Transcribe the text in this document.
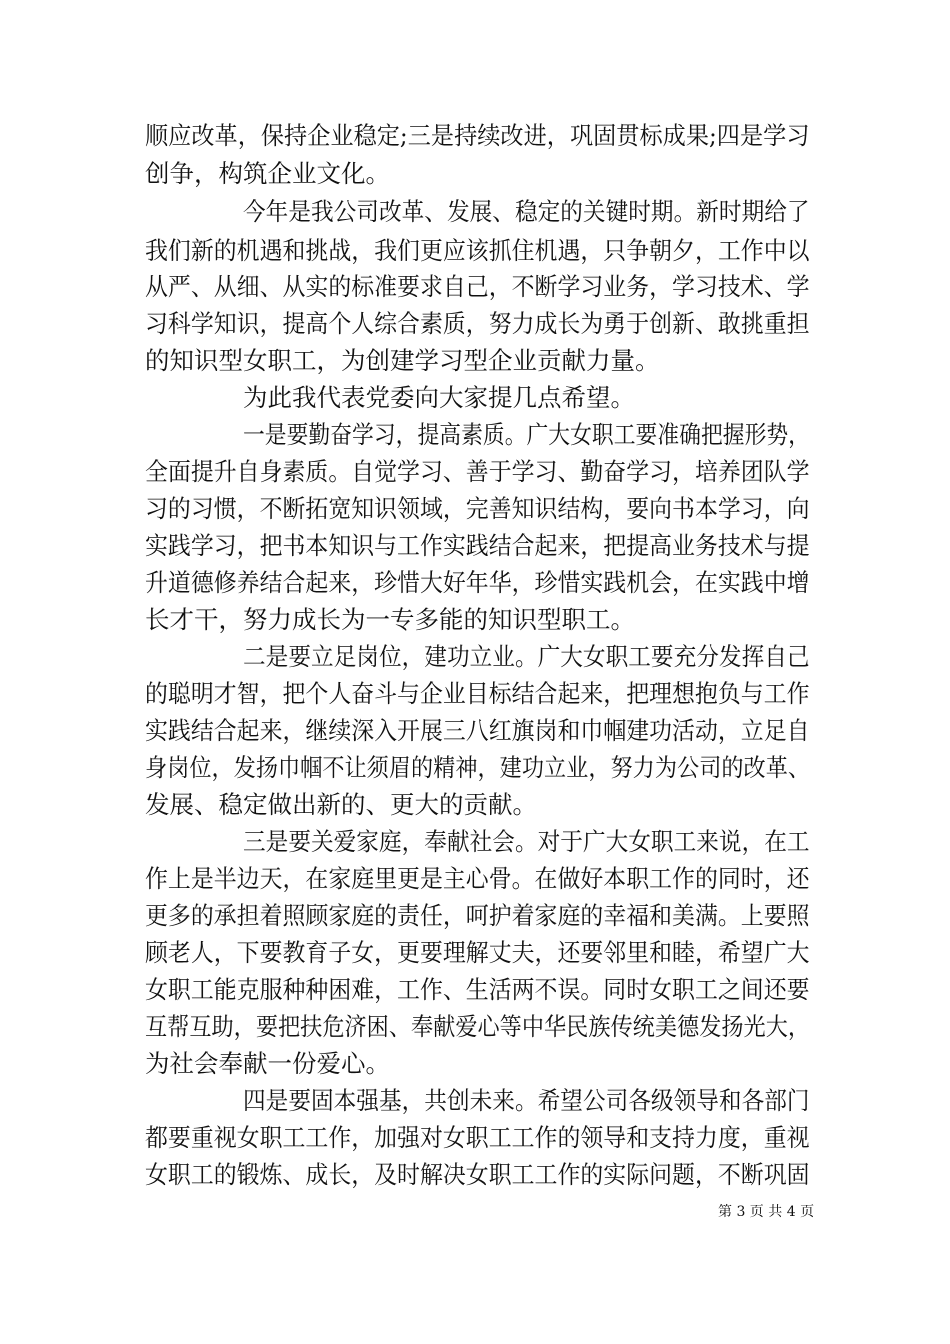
顺应改革，保持企业稳定;三是持续改进，巩固贯标成果;四是学习
创争，构筑企业文化。
今年是我公司改革、发展、稳定的关键时期。新时期给了
我们新的机遇和挑战，我们更应该抓住机遇，只争朝夕，工作中以
从严、从细、从实的标准要求自己，不断学习业务，学习技术、学
习科学知识，提高个人综合素质，努力成长为勇于创新、敢挑重担
的知识型女职工，为创建学习型企业贡献力量。
为此我代表党委向大家提几点希望。
一是要勤奋学习，提高素质。广大女职工要准确把握形势，
全面提升自身素质。自觉学习、善于学习、勤奋学习，培养团队学
习的习惯，不断拓宽知识领域，完善知识结构，要向书本学习，向
实践学习，把书本知识与工作实践结合起来，把提高业务技术与提
升道德修养结合起来，珍惜大好年华，珍惜实践机会，在实践中增
长才干，努力成长为一专多能的知识型职工。
二是要立足岗位，建功立业。广大女职工要充分发挥自己
的聪明才智，把个人奋斗与企业目标结合起来，把理想抱负与工作
实践结合起来，继续深入开展三八红旗岗和巾帼建功活动，立足自
身岗位，发扬巾帼不让须眉的精神，建功立业，努力为公司的改革、
发展、稳定做出新的、更大的贡献。
三是要关爱家庭，奉献社会。对于广大女职工来说，在工
作上是半边天，在家庭里更是主心骨。在做好本职工作的同时，还
更多的承担着照顾家庭的责任，呵护着家庭的幸福和美满。上要照
顾老人，下要教育子女，更要理解丈夫，还要邻里和睦，希望广大
女职工能克服种种困难，工作、生活两不误。同时女职工之间还要
互帮互助，要把扶危济困、奉献爱心等中华民族传统美德发扬光大，
为社会奉献一份爱心。
四是要固本强基，共创未来。希望公司各级领导和各部门
都要重视女职工工作，加强对女职工工作的领导和支持力度，重视
女职工的锻炼、成长，及时解决女职工工作的实际问题，不断巩固
第 3 页 共 4 页
